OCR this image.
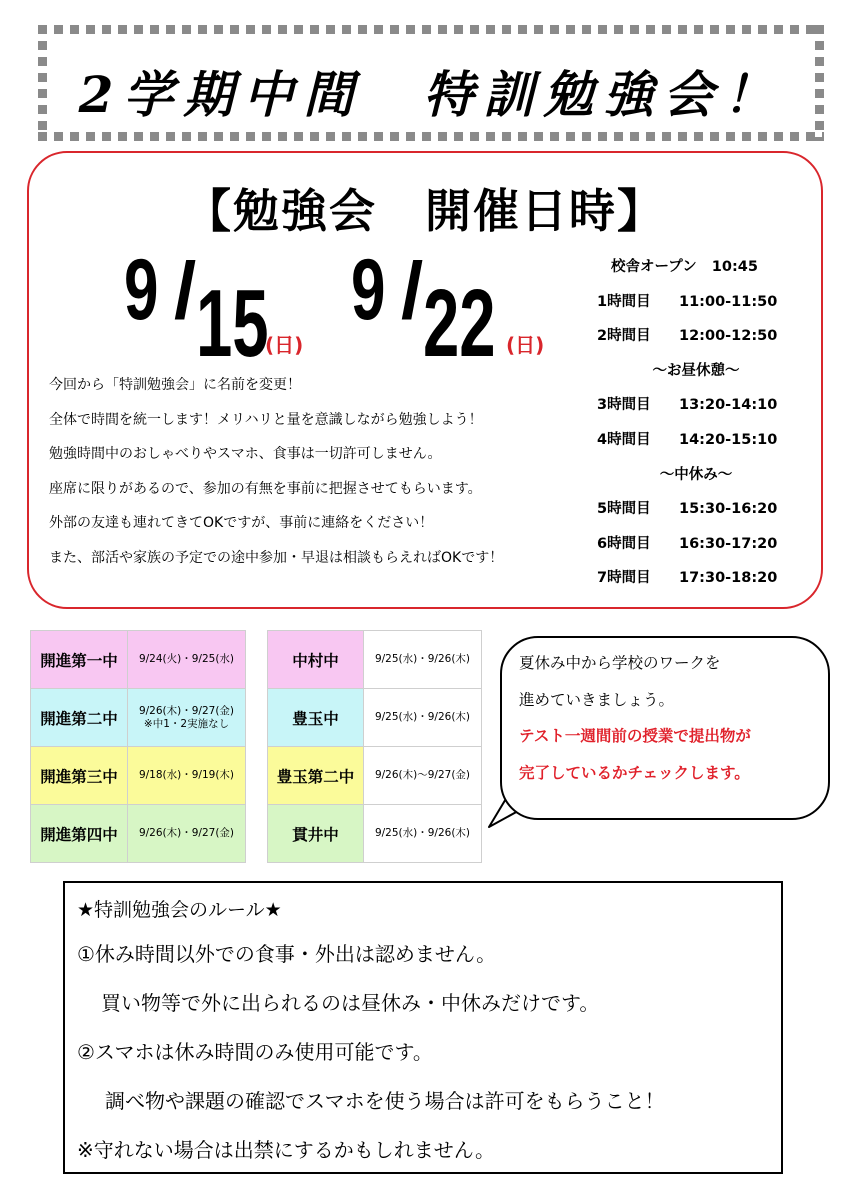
2学期中間　特訓勉強会！
【勉強会　開催日時】
9 / 15
(日)
9 / 22 (日)
今回から「特訓勉強会」に名前を変更！
全体で時間を統一します！メリハリと量を意識しながら勉強しよう！
勉強時間中のおしゃべりやスマホ、食事は一切許可しません。
座席に限りがあるので、参加の有無を事前に把握させてもらいます。
外部の友達も連れてきてOKですが、事前に連絡をください！
また、部活や家族の予定での途中参加・早退は相談もらえればOKです！
校舎オープン 10:45
1時間目 11:00-11:50
2時間目 12:00-12:50
～お昼休憩～
3時間目 13:20-14:10
4時間目 14:20-15:10
～中休み～
5時間目 15:30-16:20
6時間目 16:30-17:20
7時間目 17:30-18:20
開進第一中	9/24(火)・9/25(水)
開進第二中	9/26(木)・9/27(金)
※中1・2実施なし

開進第三中	9/18(水)・9/19(木)
開進第四中	9/26(木)・9/27(金)
中村中	9/25(水)・9/26(木)
豊玉中	9/25(水)・9/26(木)
豊玉第二中	9/26(木)～9/27(金)
貫井中	9/25(水)・9/26(木)
夏休み中から学校のワークを
進めていきましょう。
テスト一週間前の授業で提出物が
完了しているかチェックします。
★特訓勉強会のルール★
①休み時間以外での食事・外出は認めません。
買い物等で外に出られるのは昼休み・中休みだけです。
②スマホは休み時間のみ使用可能です。
調べ物や課題の確認でスマホを使う場合は許可をもらうこと！
※守れない場合は出禁にするかもしれません。
